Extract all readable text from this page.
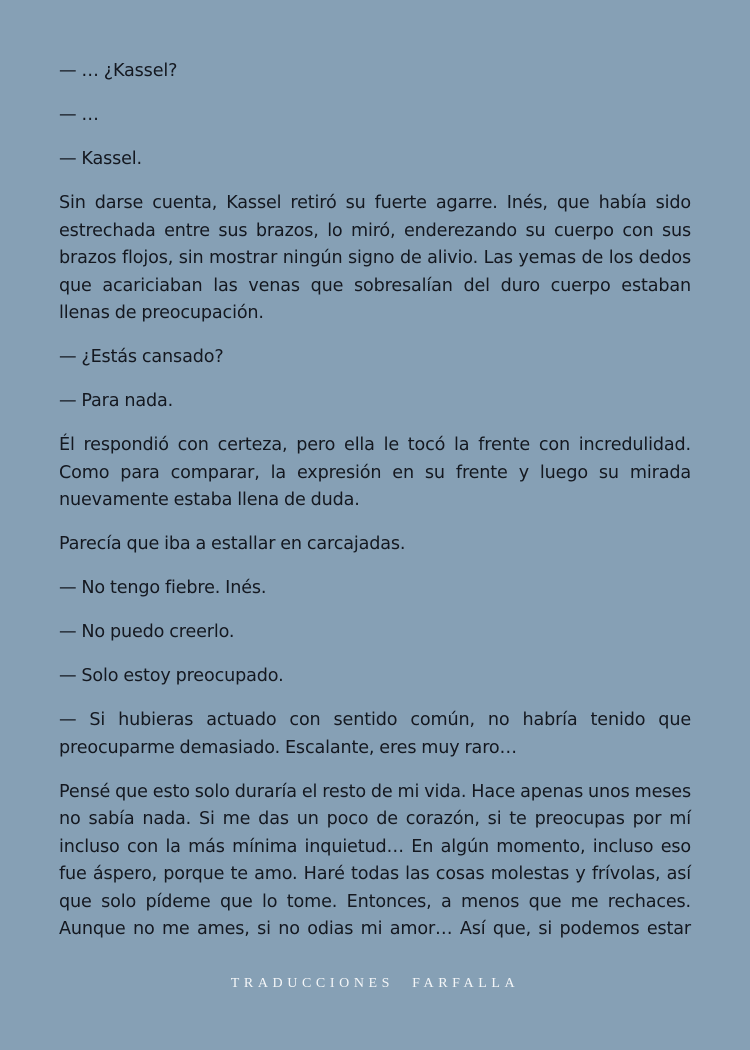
— … ¿Kassel?

— …

— Kassel.

Sin darse cuenta, Kassel retiró su fuerte agarre. Inés, que había sido estrechada entre sus brazos, lo miró, enderezando su cuerpo con sus brazos flojos, sin mostrar ningún signo de alivio. Las yemas de los dedos que acariciaban las venas que sobresalían del duro cuerpo estaban llenas de preocupación.

— ¿Estás cansado?

— Para nada.

Él respondió con certeza, pero ella le tocó la frente con incredulidad. Como para comparar, la expresión en su frente y luego su mirada nuevamente estaba llena de duda.

Parecía que iba a estallar en carcajadas.

— No tengo fiebre. Inés.

— No puedo creerlo.

— Solo estoy preocupado.

— Si hubieras actuado con sentido común, no habría tenido que preocuparme demasiado. Escalante, eres muy raro…

Pensé que esto solo duraría el resto de mi vida. Hace apenas unos meses no sabía nada. Si me das un poco de corazón, si te preocupas por mí incluso con la más mínima inquietud… En algún momento, incluso eso fue áspero, porque te amo. Haré todas las cosas molestas y frívolas, así que solo pídeme que lo tome. Entonces, a menos que me rechaces. Aunque no me ames, si no odias mi amor… Así que, si podemos estar

TRADUCCIONES FARFALLA
